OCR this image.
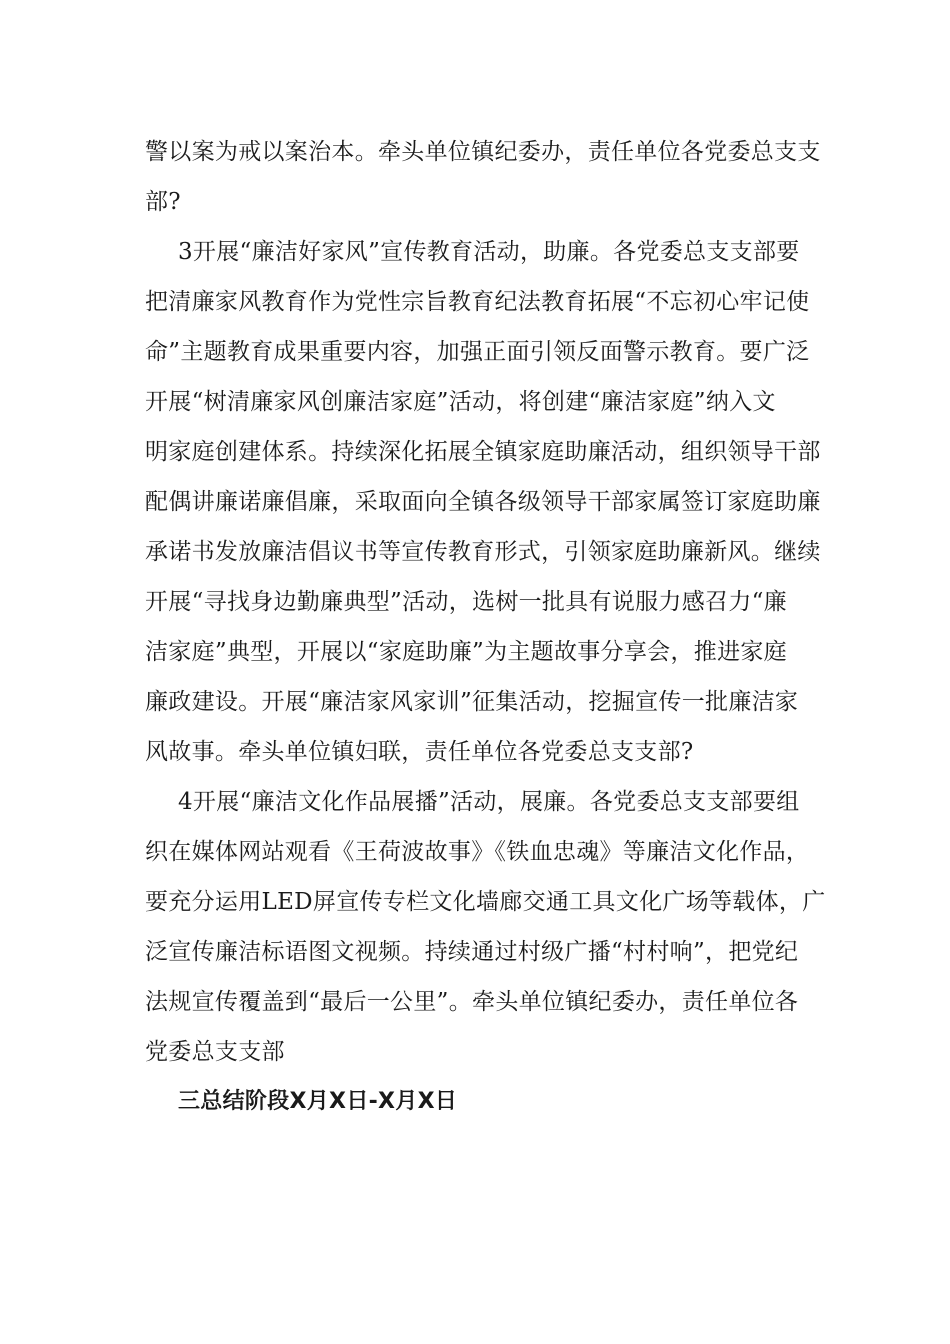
警以案为戒以案治本。牵头单位镇纪委办，责任单位各党委总支支
部?
3开展“廉洁好家风”宣传教育活动，助廉。各党委总支支部要
把清廉家风教育作为党性宗旨教育纪法教育拓展“不忘初心牢记使
命”主题教育成果重要内容，加强正面引领反面警示教育。要广泛
开展“树清廉家风创廉洁家庭”活动，将创建“廉洁家庭”纳入文
明家庭创建体系。持续深化拓展全镇家庭助廉活动，组织领导干部
配偶讲廉诺廉倡廉，采取面向全镇各级领导干部家属签订家庭助廉
承诺书发放廉洁倡议书等宣传教育形式，引领家庭助廉新风。继续
开展“寻找身边勤廉典型”活动，选树一批具有说服力感召力“廉
洁家庭”典型，开展以“家庭助廉”为主题故事分享会，推进家庭
廉政建设。开展“廉洁家风家训”征集活动，挖掘宣传一批廉洁家
风故事。牵头单位镇妇联，责任单位各党委总支支部?
4开展“廉洁文化作品展播”活动，展廉。各党委总支支部要组
织在媒体网站观看《王荷波故事》《铁血忠魂》等廉洁文化作品，
要充分运用LED屏宣传专栏文化墙廊交通工具文化广场等载体，广
泛宣传廉洁标语图文视频。持续通过村级广播“村村响”，把党纪
法规宣传覆盖到“最后一公里”。牵头单位镇纪委办，责任单位各
党委总支支部
三总结阶段X月X日-X月X日
